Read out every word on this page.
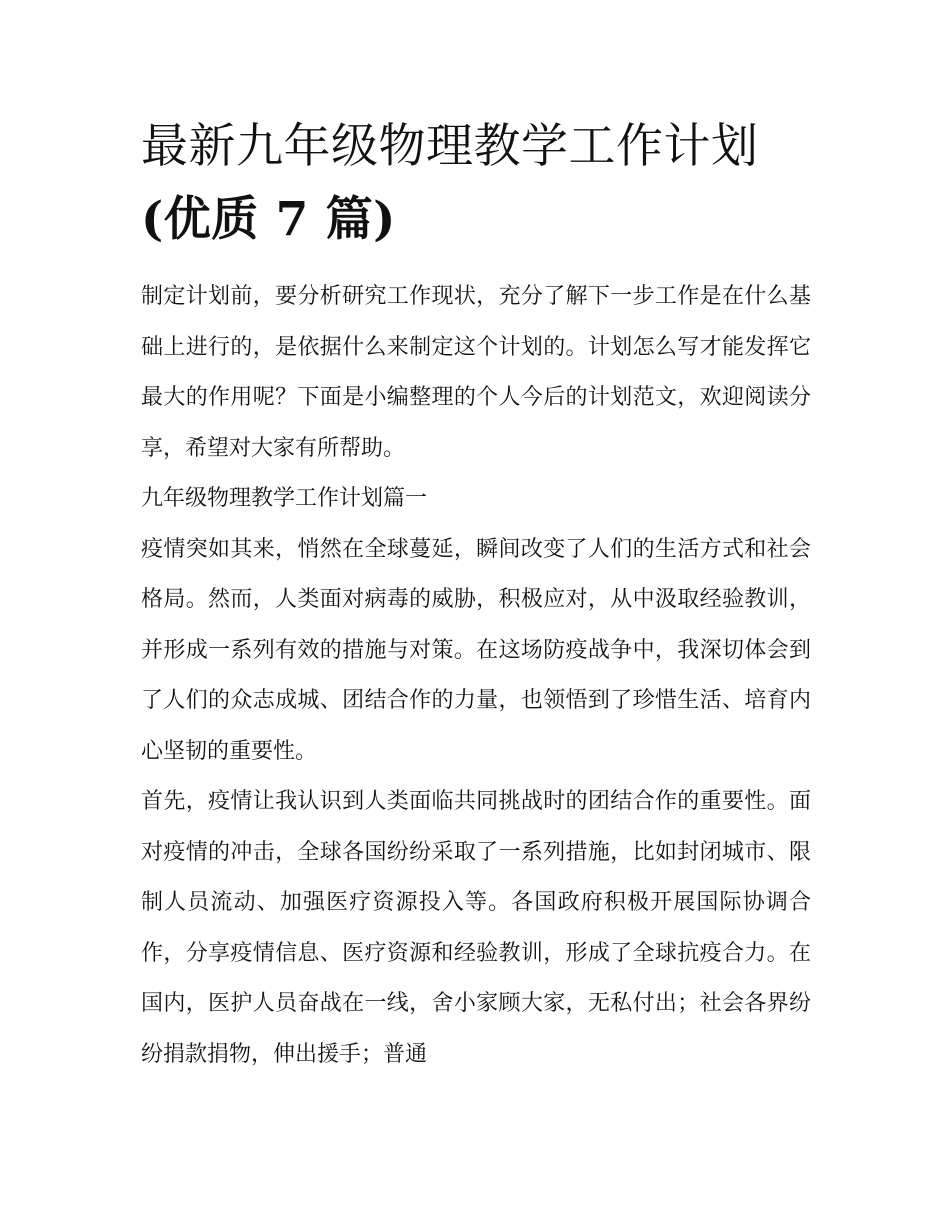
最新九年级物理教学工作计划
(优质 7 篇)

制定计划前，要分析研究工作现状，充分了解下一步工作是在什么基础上进行的，是依据什么来制定这个计划的。计划怎么写才能发挥它最大的作用呢？下面是小编整理的个人今后的计划范文，欢迎阅读分享，希望对大家有所帮助。

九年级物理教学工作计划篇一

疫情突如其来，悄然在全球蔓延，瞬间改变了人们的生活方式和社会格局。然而，人类面对病毒的威胁，积极应对，从中汲取经验教训，并形成一系列有效的措施与对策。在这场防疫战争中，我深切体会到了人们的众志成城、团结合作的力量，也领悟到了珍惜生活、培育内心坚韧的重要性。

首先，疫情让我认识到人类面临共同挑战时的团结合作的重要性。面对疫情的冲击，全球各国纷纷采取了一系列措施，比如封闭城市、限制人员流动、加强医疗资源投入等。各国政府积极开展国际协调合作，分享疫情信息、医疗资源和经验教训，形成了全球抗疫合力。在国内，医护人员奋战在一线，舍小家顾大家，无私付出；社会各界纷纷捐款捐物，伸出援手；普通
